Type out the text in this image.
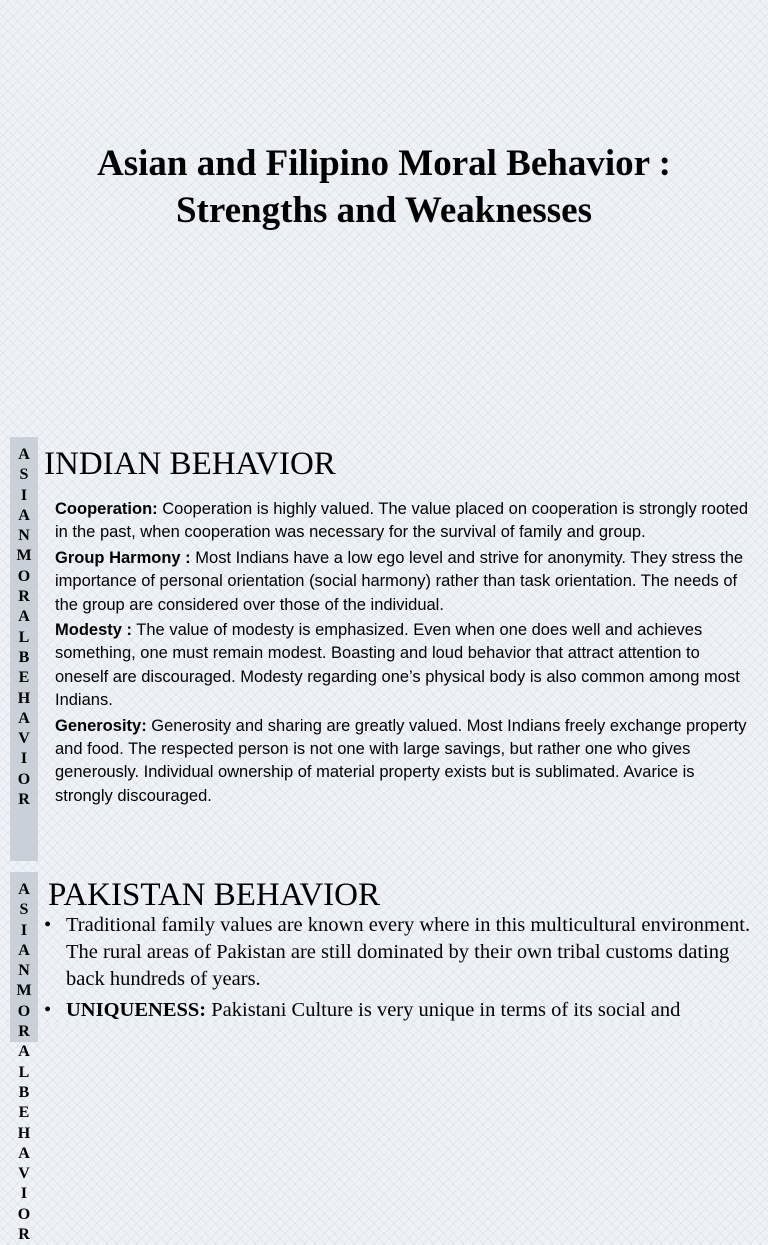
Asian and Filipino Moral Behavior :
Strengths and Weaknesses
A
S
I
A
N
M
O
R
A
L
B
E
H
A
V
I
O
R
INDIAN BEHAVIOR
Cooperation: Cooperation is highly valued. The value placed on cooperation is strongly rooted in the past, when cooperation was necessary for the survival of family and group.
Group Harmony : Most Indians have a low ego level and strive for anonymity. They stress the importance of personal orientation (social harmony) rather than task orientation. The needs of the group are considered over those of the individual.
Modesty : The value of modesty is emphasized. Even when one does well and achieves something, one must remain modest. Boasting and loud behavior that attract attention to oneself are discouraged. Modesty regarding one’s physical body is also common among most Indians.
Generosity: Generosity and sharing are greatly valued. Most Indians freely exchange property and food. The respected person is not one with large savings, but rather one who gives generously. Individual ownership of material property exists but is sublimated. Avarice is strongly discouraged.
A
S
I
A
N
M
O
R
A
L
B
E
H
A
V
I
O
R
PAKISTAN BEHAVIOR
• Traditional family values are known every where in this multicultural environment. The rural areas of Pakistan are still dominated by their own tribal customs dating back hundreds of years.
• UNIQUENESS: Pakistani Culture is very unique in terms of its social and
